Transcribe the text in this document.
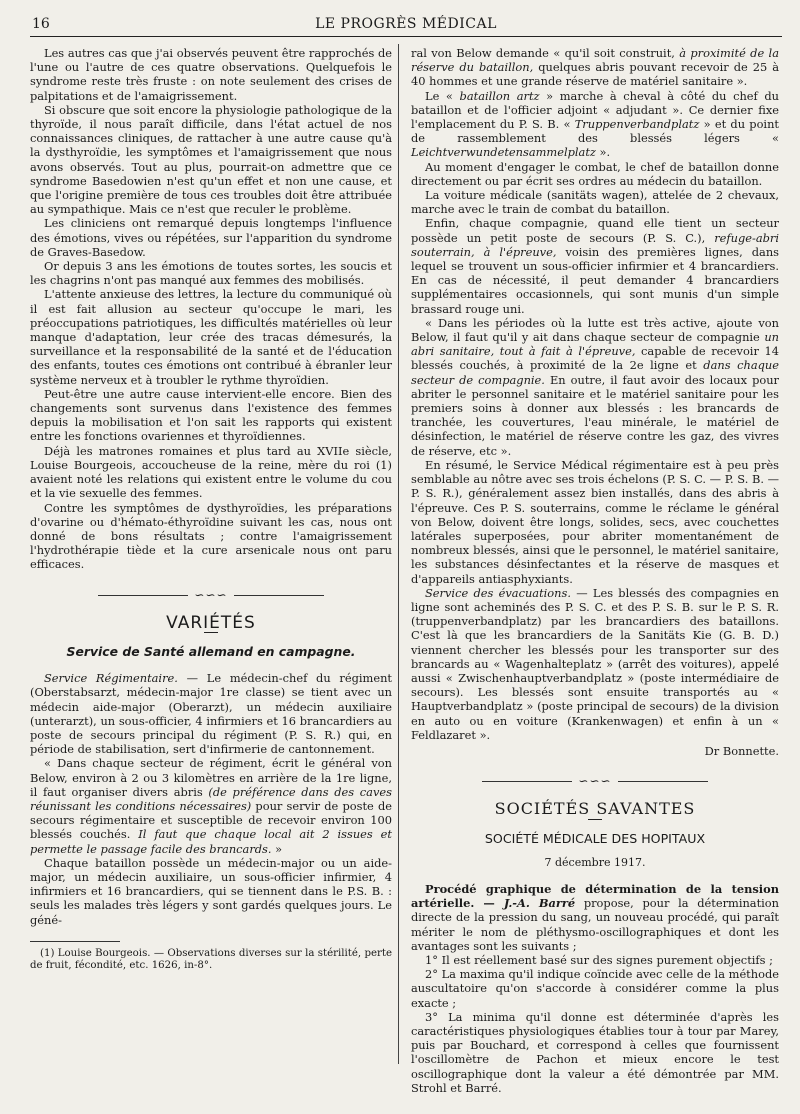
16	LE PROGRÈS MÉDICAL

Les autres cas que j'ai observés peuvent être rapprochés de l'une ou l'autre de ces quatre observations. Quelquefois le syndrome reste très fruste : on note seulement des crises de palpitations et de l'amaigrissement.

Si obscure que soit encore la physiologie pathologique de la thyroïde, il nous paraît difficile, dans l'état actuel de nos connaissances cliniques, de rattacher à une autre cause qu'à la dysthyroïdie, les symptômes et l'amaigrissement que nous avons observés. Tout au plus, pourrait-on admettre que ce syndrome Basedowien n'est qu'un effet et non une cause, et que l'origine première de tous ces troubles doit être attribuée au sympathique. Mais ce n'est que reculer le problème.

Les cliniciens ont remarqué depuis longtemps l'influence des émotions, vives ou répétées, sur l'apparition du syndrome de Graves-Basedow.

Or depuis 3 ans les émotions de toutes sortes, les soucis et les chagrins n'ont pas manqué aux femmes des mobilisés.

L'attente anxieuse des lettres, la lecture du communiqué où il est fait allusion au secteur qu'occupe le mari, les préoccupations patriotiques, les difficultés matérielles où leur manque d'adaptation, leur crée des tracas démesurés, la surveillance et la responsabilité de la santé et de l'éducation des enfants, toutes ces émotions ont contribué à ébranler leur système nerveux et à troubler le rythme thyroïdien.

Peut-être une autre cause intervient-elle encore. Bien des changements sont survenus dans l'existence des femmes depuis la mobilisation et l'on sait les rapports qui existent entre les fonctions ovariennes et thyroïdiennes.

Déjà les matrones romaines et plus tard au XVIIe siècle, Louise Bourgeois, accoucheuse de la reine, mère du roi (1) avaient noté les relations qui existent entre le volume du cou et la vie sexuelle des femmes.

Contre les symptômes de dysthyroïdies, les préparations d'ovarine ou d'hémato-éthyroïdine suivant les cas, nous ont donné de bons résultats ; contre l'amaigrissement l'hydrothérapie tiède et la cure arsenicale nous ont paru efficaces.

∽∽∽
VARIÉTÉS
Service de Santé allemand en campagne.

Service Régimentaire. — Le médecin-chef du régiment (Oberstabsarzt, médecin-major 1re classe) se tient avec un médecin aide-major (Oberarzt), un médecin auxiliaire (unterarzt), un sous-officier, 4 infirmiers et 16 brancardiers au poste de secours principal du régiment (P. S. R.) qui, en période de stabilisation, sert d'infirmerie de cantonnement.

« Dans chaque secteur de régiment, écrit le général von Below, environ à 2 ou 3 kilomètres en arrière de la 1re ligne, il faut organiser divers abris (de préférence dans des caves réunissant les conditions nécessaires) pour servir de poste de secours régimentaire et susceptible de recevoir environ 100 blessés couchés. Il faut que chaque local ait 2 issues et permette le passage facile des brancards. »

Chaque bataillon possède un médecin-major ou un aide-major, un médecin auxiliaire, un sous-officier infirmier, 4 infirmiers et 16 brancardiers, qui se tiennent dans le P.S. B. : seuls les malades très légers y sont gardés quelques jours. Le géné-

(1) Louise Bourgeois. — Observations diverses sur la stérilité, perte de fruit, fécondité, etc. 1626, in-8°.

ral von Below demande « qu'il soit construit, à proximité de la réserve du bataillon, quelques abris pouvant recevoir de 25 à 40 hommes et une grande réserve de matériel sanitaire ».

Le « bataillon artz » marche à cheval à côté du chef du bataillon et de l'officier adjoint « adjudant ». Ce dernier fixe l'emplacement du P. S. B. « Truppenverbandplatz » et du point de rassemblement des blessés légers « Leichtverwundetensammelplatz ».

Au moment d'engager le combat, le chef de bataillon donne directement ou par écrit ses ordres au médecin du bataillon.

La voiture médicale (sanitäts wagen), attelée de 2 chevaux, marche avec le train de combat du bataillon.

Enfin, chaque compagnie, quand elle tient un secteur possède un petit poste de secours (P. S. C.), refuge-abri souterrain, à l'épreuve, voisin des premières lignes, dans lequel se trouvent un sous-officier infirmier et 4 brancardiers. En cas de nécessité, il peut demander 4 brancardiers supplémentaires occasionnels, qui sont munis d'un simple brassard rouge uni.

« Dans les périodes où la lutte est très active, ajoute von Below, il faut qu'il y ait dans chaque secteur de compagnie un abri sanitaire, tout à fait à l'épreuve, capable de recevoir 14 blessés couchés, à proximité de la 2e ligne et dans chaque secteur de compagnie. En outre, il faut avoir des locaux pour abriter le personnel sanitaire et le matériel sanitaire pour les premiers soins à donner aux blessés : les brancards de tranchée, les couvertures, l'eau minérale, le matériel de désinfection, le matériel de réserve contre les gaz, des vivres de réserve, etc ».

En résumé, le Service Médical régimentaire est à peu près semblable au nôtre avec ses trois échelons (P. S. C. — P. S. B. — P. S. R.), généralement assez bien installés, dans des abris à l'épreuve. Ces P. S. souterrains, comme le réclame le général von Below, doivent être longs, solides, secs, avec couchettes latérales superposées, pour abriter momentanément de nombreux blessés, ainsi que le personnel, le matériel sanitaire, les substances désinfectantes et la réserve de masques et d'appareils antiasphyxiants.

Service des évacuations. — Les blessés des compagnies en ligne sont acheminés des P. S. C. et des P. S. B. sur le P. S. R. (truppenverbandplatz) par les brancardiers des bataillons. C'est là que les brancardiers de la Sanitäts Kie (G. B. D.) viennent chercher les blessés pour les transporter sur des brancards au « Wagenhalteplatz » (arrêt des voitures), appelé aussi « Zwischenhauptverbandplatz » (poste intermédiaire de secours). Les blessés sont ensuite transportés au « Hauptverbandplatz » (poste principal de secours) de la division en auto ou en voiture (Krankenwagen) et enfin à un « Feldlazaret ».

Dr Bonnette.
∽∽∽
SOCIÉTÉS SAVANTES
SOCIÉTÉ MÉDICALE DES HOPITAUX
7 décembre 1917.

Procédé graphique de détermination de la tension artérielle. — J.-A. Barré propose, pour la détermination directe de la pression du sang, un nouveau procédé, qui paraît mériter le nom de pléthysmo-oscillographiques et dont les avantages sont les suivants ;

1° Il est réellement basé sur des signes purement objectifs ;

2° La maxima qu'il indique coïncide avec celle de la méthode auscultatoire qu'on s'accorde à considérer comme la plus exacte ;

3° La minima qu'il donne est déterminée d'après les caractéristiques physiologiques établies tour à tour par Marey, puis par Bouchard, et correspond à celles que fournissent l'oscillomètre de Pachon et mieux encore le test oscillographique dont la valeur a été démontrée par MM. Strohl et Barré.
